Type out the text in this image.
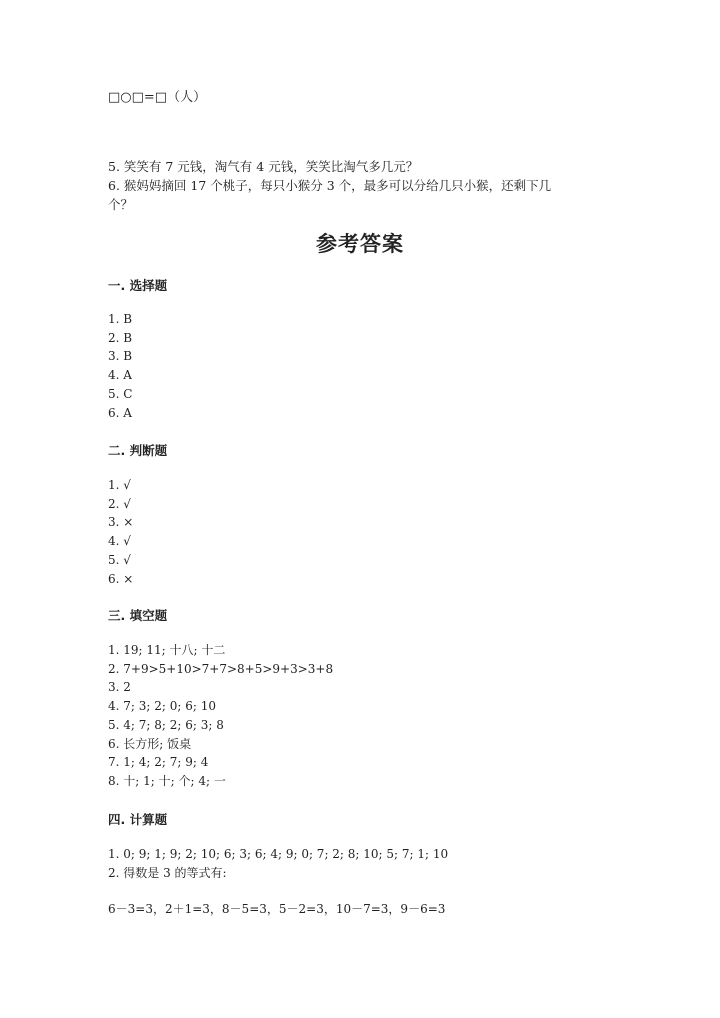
□○□=□（人）
5. 笑笑有 7 元钱，淘气有 4 元钱，笑笑比淘气多几元？
6. 猴妈妈摘回 17 个桃子，每只小猴分 3 个，最多可以分给几只小猴，还剩下几
个？
参考答案
一. 选择题
1. B
2. B
3. B
4. A
5. C
6. A
二. 判断题
1. √
2. √
3. ×
4. √
5. √
6. ×
三. 填空题
1. 19; 11; 十八; 十二
2. 7+9>5+10>7+7>8+5>9+3>3+8
3. 2
4. 7; 3; 2; 0; 6; 10
5. 4; 7; 8; 2; 6; 3; 8
6. 长方形; 饭桌
7. 1; 4; 2; 7; 9; 4
8. 十; 1; 十; 个; 4; 一
四. 计算题
1. 0; 9; 1; 9; 2; 10; 6; 3; 6; 4; 9; 0; 7; 2; 8; 10; 5; 7; 1; 10
2. 得数是 3 的等式有:
6－3=3，2＋1=3，8－5=3，5－2=3，10－7=3，9－6=3
